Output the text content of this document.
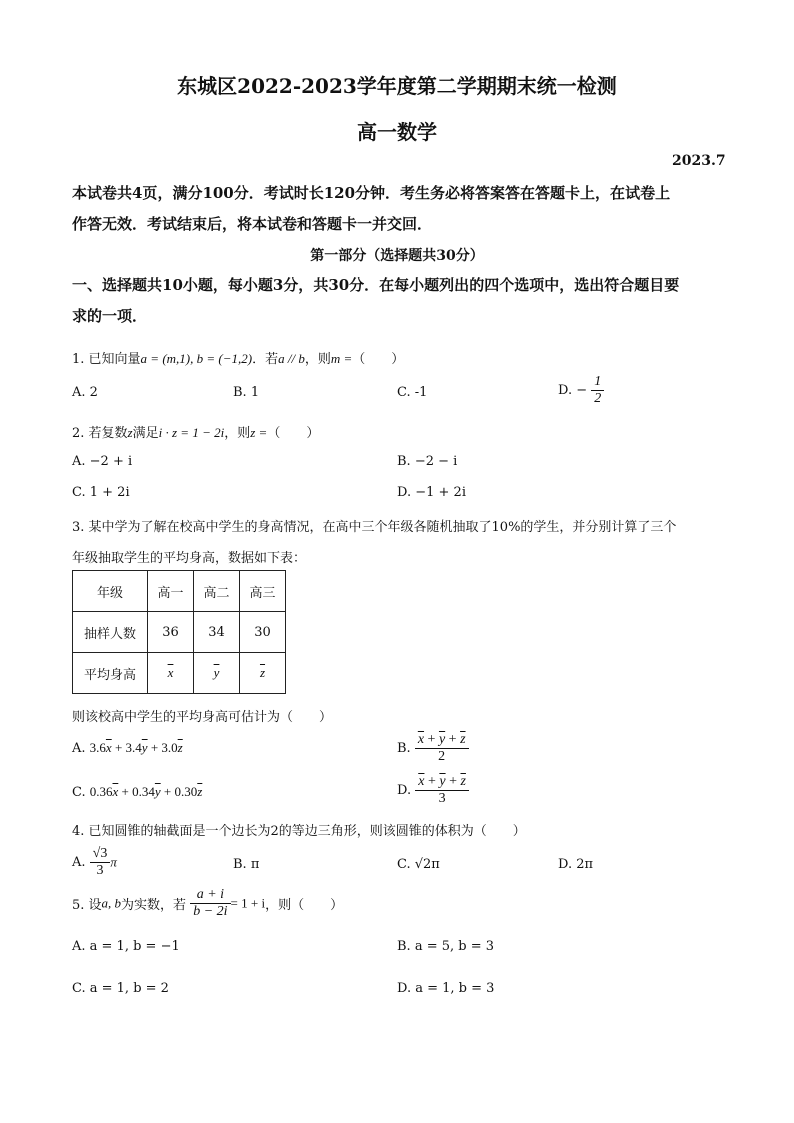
东城区2022-2023学年度第二学期期末统一检测
高一数学
2023.7
本试卷共4页，满分100分．考试时长120分钟．考生务必将答案答在答题卡上，在试卷上
作答无效．考试结束后，将本试卷和答题卡一并交回．
第一部分（选择题共30分）
一、选择题共10小题，每小题3分，共30分．在每小题列出的四个选项中，选出符合题目要
求的一项．
1. 已知向量a = (m,1), b = (−1,2)．若a // b，则m =（　　）
A. 2	B. 1	C. -1	D. − $\frac{1}{2}$
2. 若复数z满足i · z = 1 − 2i，则z =（　　）
A. −2 + i	B. −2 − i
C. 1 + 2i	D. −1 + 2i
3. 某中学为了解在校高中学生的身高情况，在高中三个年级各随机抽取了10%的学生，并分别计算了三个
年级抽取学生的平均身高，数据如下表：
年级	高一	高二	高三
抽样人数	36	34	30
平均身高	$\overline{x}$	$\overline{y}$	$\overline{z}$
则该校高中学生的平均身高可估计为（　　）
A. $3.6\overline{x} + 3.4\overline{y} + 3.0\overline{z}$	B. $\frac{\overline{x} + \overline{y} + \overline{z}}{2}$
C. $0.36\overline{x} + 0.34\overline{y} + 0.30\overline{z}$	D. $\frac{\overline{x} + \overline{y} + \overline{z}}{3}$
4. 已知圆锥的轴截面是一个边长为2的等边三角形，则该圆锥的体积为（　　）
A. $\frac{√3}{3}$ π	B. π	C. √2π	D. 2π
5. 设a, b为实数，若 $\frac{a + i}{b - 2i} = 1 + i$，则（　　）
A. a = 1, b = −1	B. a = 5, b = 3
C. a = 1, b = 2	D. a = 1, b = 3
